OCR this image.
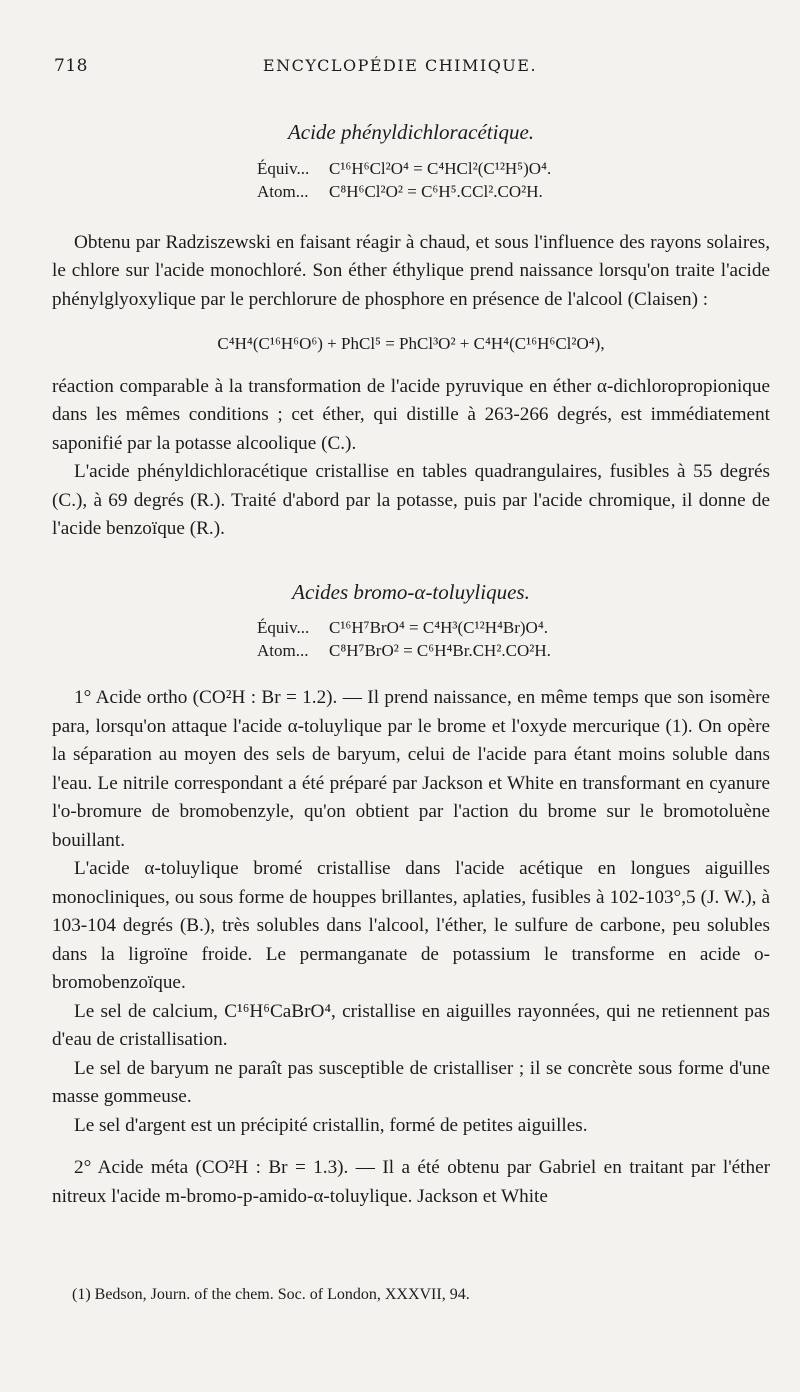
718	ENCYCLOPÉDIE CHIMIQUE.
Acide phényldichloracétique.
Équiv...	C¹⁶H⁶Cl²O⁴ = C⁴HCl²(C¹²H⁵)O⁴.
Atom...	C⁸H⁶Cl²O² = C⁶H⁵.CCl².CO²H.

Obtenu par Radziszewski en faisant réagir à chaud, et sous l'influence des rayons solaires, le chlore sur l'acide monochloré. Son éther éthylique prend naissance lorsqu'on traite l'acide phénylglyoxylique par le perchlorure de phosphore en présence de l'alcool (Claisen) :

C⁴H⁴(C¹⁶H⁶O⁶) + PhCl⁵ = PhCl³O² + C⁴H⁴(C¹⁶H⁶Cl²O⁴),

réaction comparable à la transformation de l'acide pyruvique en éther α-dichloropropionique dans les mêmes conditions ; cet éther, qui distille à 263-266 degrés, est immédiatement saponifié par la potasse alcoolique (C.).

L'acide phényldichloracétique cristallise en tables quadrangulaires, fusibles à 55 degrés (C.), à 69 degrés (R.). Traité d'abord par la potasse, puis par l'acide chromique, il donne de l'acide benzoïque (R.).

Acides bromo-α-toluyliques.
Équiv...	C¹⁶H⁷BrO⁴ = C⁴H³(C¹²H⁴Br)O⁴.
Atom...	C⁸H⁷BrO² = C⁶H⁴Br.CH².CO²H.

1° Acide ortho (CO²H : Br = 1.2). — Il prend naissance, en même temps que son isomère para, lorsqu'on attaque l'acide α-toluylique par le brome et l'oxyde mercurique (1). On opère la séparation au moyen des sels de baryum, celui de l'acide para étant moins soluble dans l'eau. Le nitrile correspondant a été préparé par Jackson et White en transformant en cyanure l'o-bromure de bromobenzyle, qu'on obtient par l'action du brome sur le bromotoluène bouillant.

L'acide α-toluylique bromé cristallise dans l'acide acétique en longues aiguilles monocliniques, ou sous forme de houppes brillantes, aplaties, fusibles à 102-103°,5 (J. W.), à 103-104 degrés (B.), très solubles dans l'alcool, l'éther, le sulfure de carbone, peu solubles dans la ligroïne froide. Le permanganate de potassium le transforme en acide o-bromobenzoïque.

Le sel de calcium, C¹⁶H⁶CaBrO⁴, cristallise en aiguilles rayonnées, qui ne retiennent pas d'eau de cristallisation.

Le sel de baryum ne paraît pas susceptible de cristalliser ; il se concrète sous forme d'une masse gommeuse.

Le sel d'argent est un précipité cristallin, formé de petites aiguilles.

2° Acide méta (CO²H : Br = 1.3). — Il a été obtenu par Gabriel en traitant par l'éther nitreux l'acide m-bromo-p-amido-α-toluylique. Jackson et White

(1) Bedson, Journ. of the chem. Soc. of London, XXXVII, 94.
